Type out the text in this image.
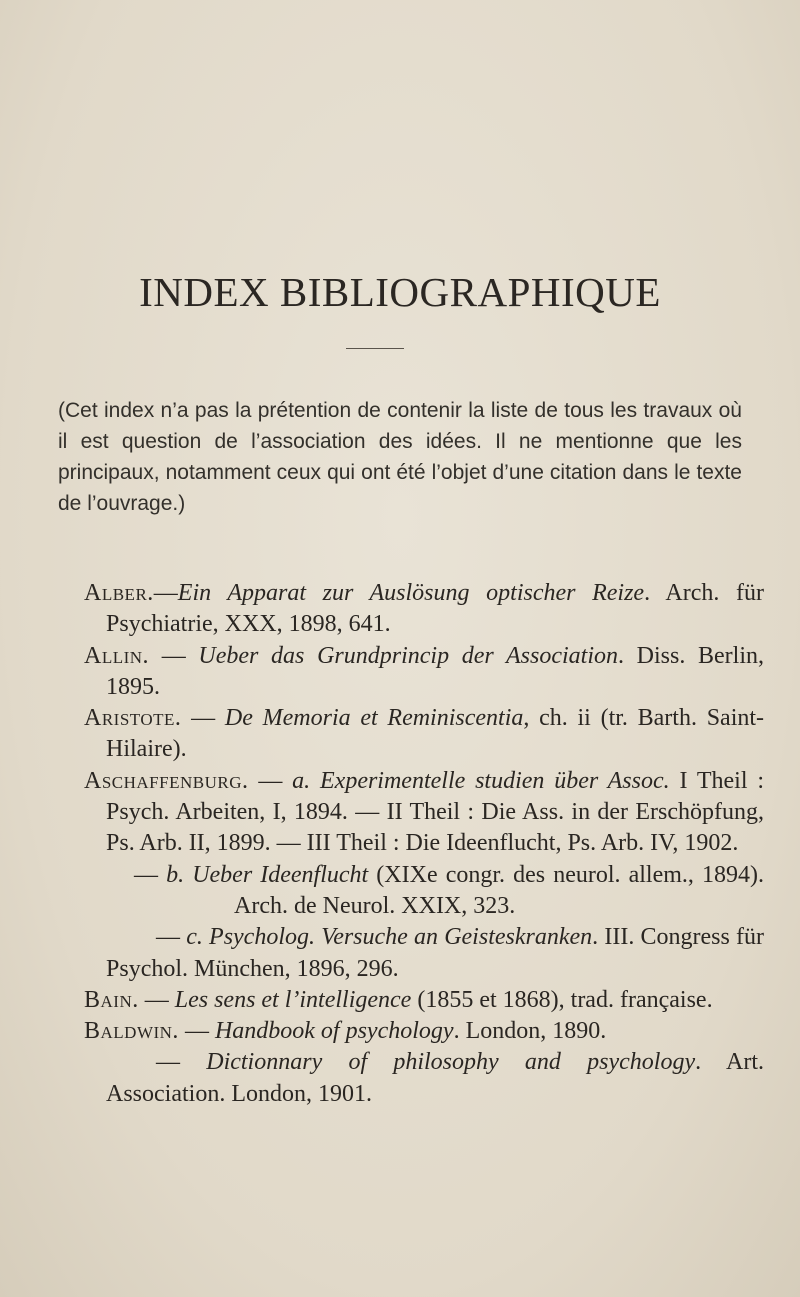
INDEX BIBLIOGRAPHIQUE
(Cet index n’a pas la prétention de contenir la liste de tous les travaux où il est question de l’association des idées. Il ne mentionne que les principaux, notamment ceux qui ont été l’objet d’une citation dans le texte de l’ouvrage.)
Alber.—Ein Apparat zur Auslösung optischer Reize. Arch. für Psychiatrie, XXX, 1898, 641.
Allin. — Ueber das Grundprincip der Association. Diss. Berlin, 1895.
Aristote. — De Memoria et Reminiscentia, ch. ii (tr. Barth. Saint-Hilaire).
Aschaffenburg. — a. Experimentelle studien über Assoc. I Theil : Psych. Arbeiten, I, 1894. — II Theil : Die Ass. in der Erschöpfung, Ps. Arb. II, 1899. — III Theil : Die Ideenflucht, Ps. Arb. IV, 1902.
— b. Ueber Ideenflucht (XIXe congr. des neurol. allem., 1894). Arch. de Neurol. XXIX, 323.
— c. Psycholog. Versuche an Geisteskranken. III. Congress für Psychol. München, 1896, 296.
Bain. — Les sens et l’intelligence (1855 et 1868), trad. française.
Baldwin. — Handbook of psychology. London, 1890.
— Dictionnary of philosophy and psychology. Art. Association. London, 1901.
